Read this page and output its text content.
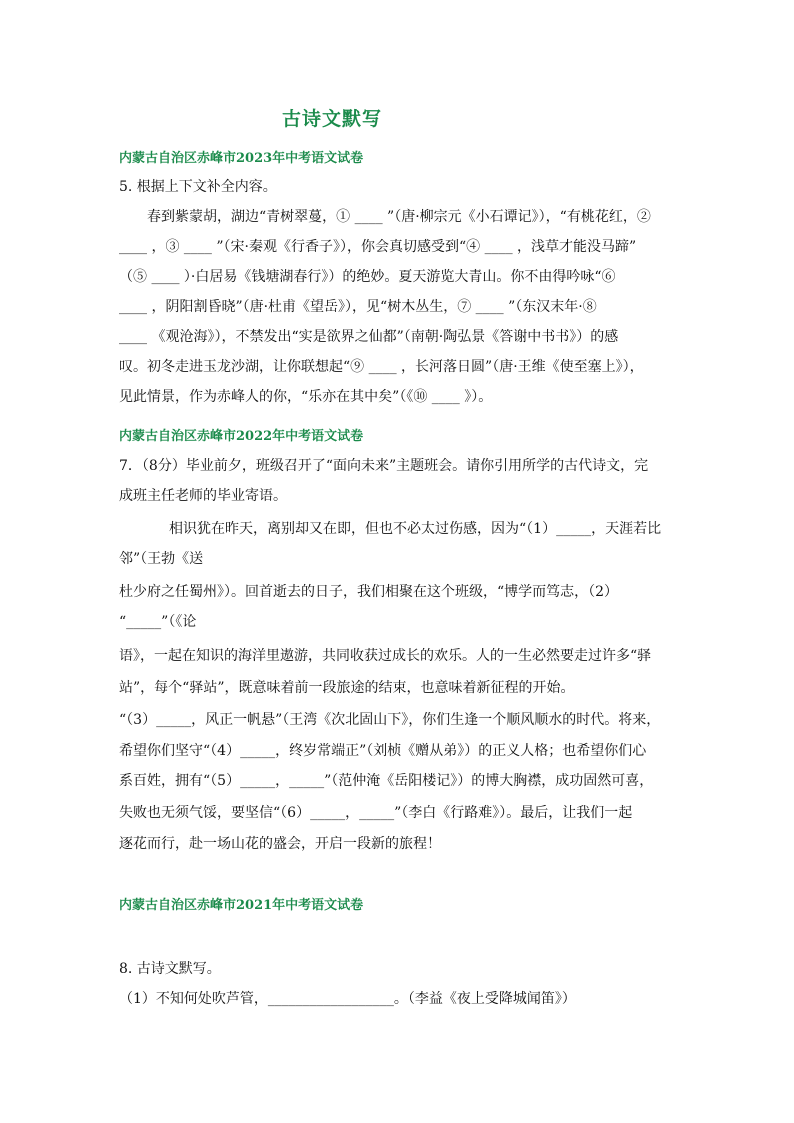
古诗文默写
内蒙古自治区赤峰市2023年中考语文试卷
5. 根据上下文补全内容。
春到紫蒙胡，湖边“青树翠蔓，① ____ ”（唐·柳宗元《小石谭记》），“有桃花红，②
____ ，③ ____ ”（宋·秦观《行香子》），你会真切感受到“④ ____ ，浅草才能没马蹄”
（⑤ ____ ）·白居易《钱塘湖春行》）的绝妙。夏天游览大青山。你不由得吟咏“⑥
____ ，阴阳割昏晓”（唐·杜甫《望岳》），见“树木丛生，⑦ ____ ”（东汉末年·⑧
____ 《观沧海》），不禁发出“实是欲界之仙都”（南朝·陶弘景《答谢中书书》）的感
叹。初冬走进玉龙沙湖，让你联想起“⑨ ____ ，长河落日圆”（唐·王维《使至塞上》），
见此情景，作为赤峰人的你，“乐亦在其中矣”（《⑩ ____ 》）。
内蒙古自治区赤峰市2022年中考语文试卷
7．（8分）毕业前夕，班级召开了“面向未来”主题班会。请你引用所学的古代诗文，完
成班主任老师的毕业寄语。
相识犹在昨天，离别却又在即，但也不必太过伤感，因为“（1）_____，天涯若比
邻”（王勃《送
杜少府之任蜀州》）。回首逝去的日子，我们相聚在这个班级，“博学而笃志，（2）
“_____”（《论
语》，一起在知识的海洋里遨游，共同收获过成长的欢乐。人的一生必然要走过许多“驿
站”，每个“驿站”，既意味着前一段旅途的结束，也意味着新征程的开始。
“（3）_____，风正一帆悬”（王湾《次北固山下》，你们生逢一个顺风顺水的时代。将来，
希望你们坚守“（4）_____，终岁常端正”（刘桢《赠从弟》）的正义人格；也希望你们心
系百姓，拥有“（5）_____，_____”（范仲淹《岳阳楼记》）的博大胸襟，成功固然可喜，
失败也无须气馁，要坚信“（6）_____，_____”（李白《行路难》）。最后，让我们一起
逐花而行，赴一场山花的盛会，开启一段新的旅程！
内蒙古自治区赤峰市2021年中考语文试卷
8. 古诗文默写。
（1）不知何处吹芦管，__________________。（李益《夜上受降城闻笛》）
